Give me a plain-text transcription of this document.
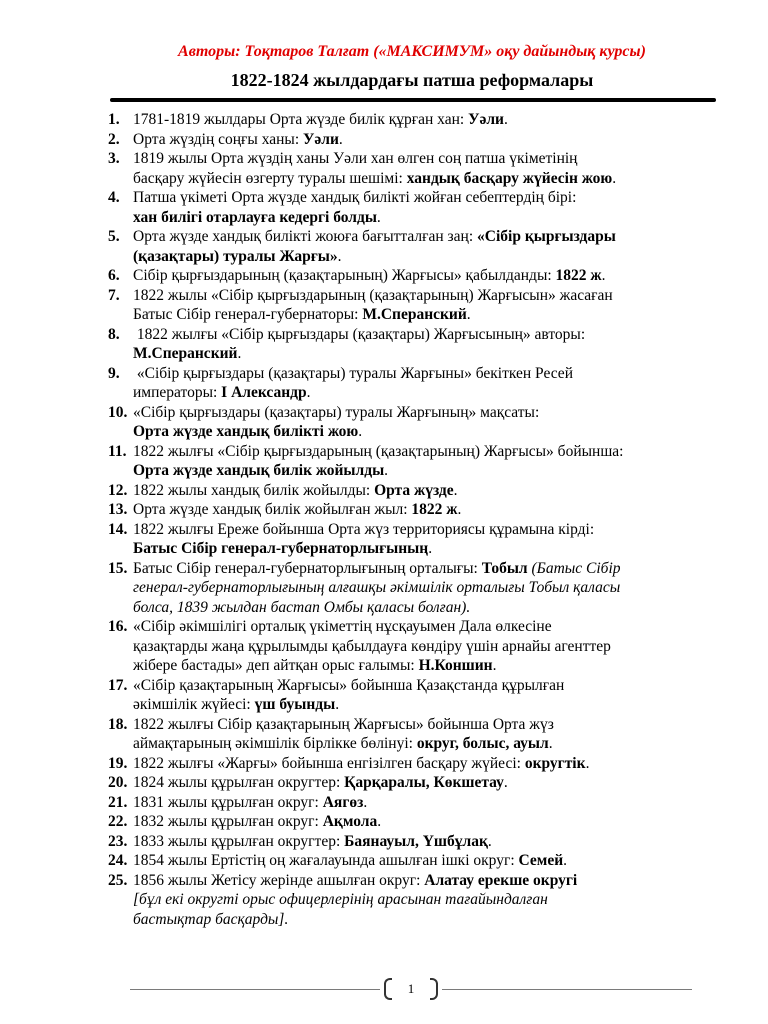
Авторы: Тоқтаров Талғат («МАКСИМУМ» оқу дайындық курсы)
1822-1824 жылдардағы патша реформалары
1. 1781-1819 жылдары Орта жүзде билік құрған хан: Уәли.
2. Орта жүздің соңғы ханы: Уәли.
3. 1819 жылы Орта жүздің ханы Уәли хан өлген соң патша үкіметінің
басқару жүйесін өзгерту туралы шешімі: хандық басқару жүйесін жою.
4. Патша үкіметі Орта жүзде хандық билікті жойған себептердің бірі:
хан билігі отарлауға кедергі болды.
5. Орта жүзде хандық билікті жоюға бағытталған заң: «Сібір қырғыздары
(қазақтары) туралы Жарғы».
6. Сібір қырғыздарының (қазақтарының) Жарғысы» қабылданды: 1822 ж.
7. 1822 жылы «Сібір қырғыздарының (қазақтарының) Жарғысын» жасаған
Батыс Сібір генерал-губернаторы: М.Сперанский.
8. 1822 жылғы «Сібір қырғыздары (қазақтары) Жарғысының» авторы:
М.Сперанский.
9. «Сібір қырғыздары (қазақтары) туралы Жарғыны» бекіткен Ресей
императоры: I Александр.
10. «Сібір қырғыздары (қазақтары) туралы Жарғының» мақсаты:
Орта жүзде хандық билікті жою.
11. 1822 жылғы «Сібір қырғыздарының (қазақтарының) Жарғысы» бойынша:
Орта жүзде хандық билік жойылды.
12. 1822 жылы хандық билік жойылды: Орта жүзде.
13. Орта жүзде хандық билік жойылған жыл: 1822 ж.
14. 1822 жылғы Ереже бойынша Орта жүз территориясы құрамына кірді:
Батыс Сібір генерал-губернаторлығының.
15. Батыс Сібір генерал-губернаторлығының орталығы: Тобыл (Батыс Сібір
генерал-губернаторлығының алғашқы әкімшілік орталығы Тобыл қаласы
болса, 1839 жылдан бастап Омбы қаласы болған).
16. «Сібір әкімшілігі орталық үкіметтің нұсқауымен Дала өлкесіне
қазақтарды жаңа құрылымды қабылдауға көндіру үшін арнайы агенттер
жібере бастады» деп айтқан орыс ғалымы: Н.Коншин.
17. «Сібір қазақтарының Жарғысы» бойынша Қазақстанда құрылған
әкімшілік жүйесі: үш буынды.
18. 1822 жылғы Сібір қазақтарының Жарғысы» бойынша Орта жүз
аймақтарының әкімшілік бірлікке бөлінуі: округ, болыс, ауыл.
19. 1822 жылғы «Жарғы» бойынша енгізілген басқару жүйесі: округтік.
20. 1824 жылы құрылған округтер: Қарқаралы, Көкшетау.
21. 1831 жылы құрылған округ: Аягөз.
22. 1832 жылы құрылған округ: Ақмола.
23. 1833 жылы құрылған округтер: Баянауыл, Үшбұлақ.
24. 1854 жылы Ертістің оң жағалауында ашылған ішкі округ: Семей.
25. 1856 жылы Жетісу жерінде ашылған округ: Алатау ерекше округі
[бұл екі округті орыс офицерлерінің арасынан тағайындалған
бастықтар басқарды].
1
